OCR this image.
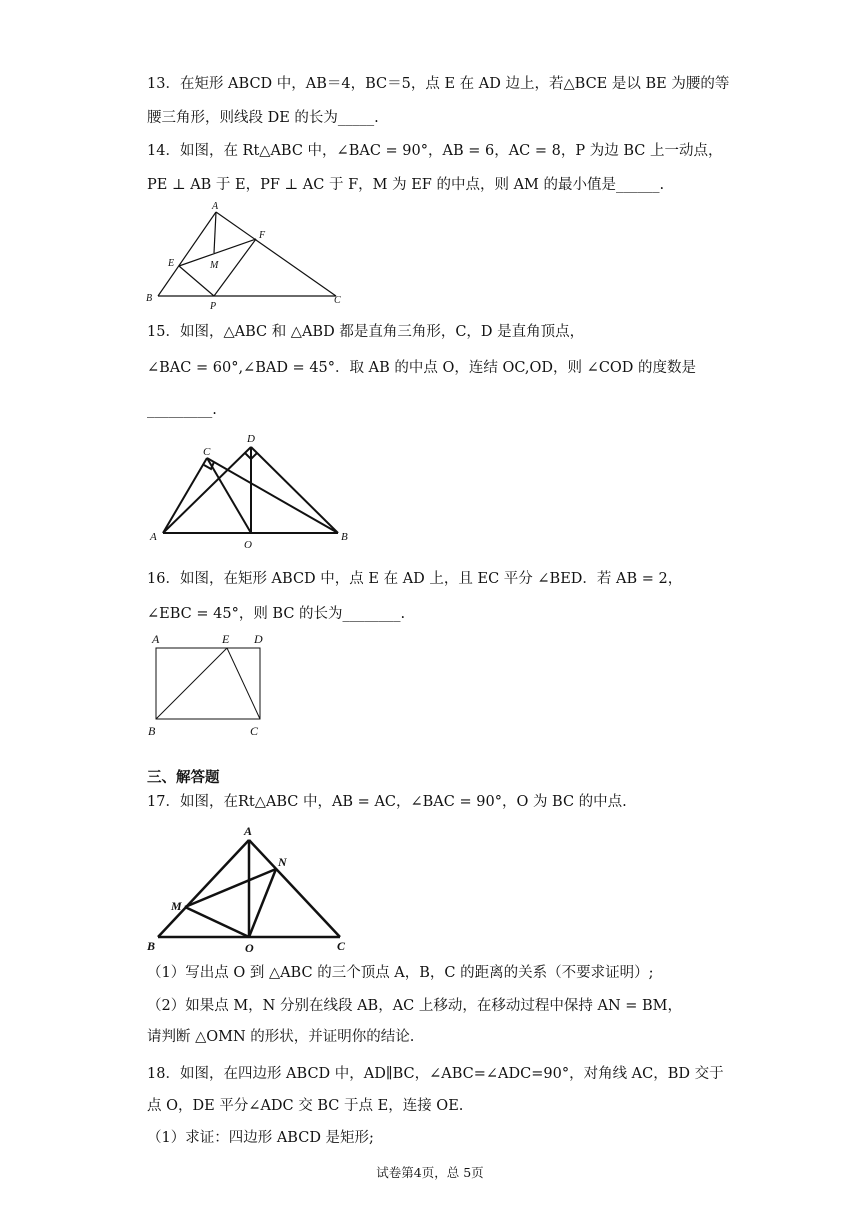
13．在矩形 ABCD 中，AB＝4，BC＝5，点 E 在 AD 边上，若△BCE 是以 BE 为腰的等
腰三角形，则线段 DE 的长为_____.
14．如图，在 Rt△ABC 中，∠BAC = 90°，AB = 6，AC = 8，P 为边 BC 上一动点，
PE ⊥ AB 于 E，PF ⊥ AC 于 F，M 为 EF 的中点，则 AM 的最小值是______.
A
F
E	M
B
P
C
15．如图，△ABC 和 △ABD 都是直角三角形，C，D 是直角顶点，
∠BAC = 60°,∠BAD = 45°．取 AB 的中点 O，连结 OC,OD，则 ∠COD 的度数是
_________.
C
D
A
O
B
16．如图，在矩形 ABCD 中，点 E 在 AD 上，且 EC 平分 ∠BED．若 AB = 2，
∠EBC = 45°，则 BC 的长为________.
A	E D
B	C
三、解答题
17．如图，在Rt△ABC 中，AB = AC，∠BAC = 90°，O 为 BC 的中点.
A
N
M
B	O	C
（1）写出点 O 到 △ABC 的三个顶点 A，B，C 的距离的关系（不要求证明）;
（2）如果点 M，N 分别在线段 AB，AC 上移动，在移动过程中保持 AN = BM，
请判断 △OMN 的形状，并证明你的结论.
18．如图，在四边形 ABCD 中，AD∥BC，∠ABC=∠ADC=90°，对角线 AC，BD 交于
点 O，DE 平分∠ADC 交 BC 于点 E，连接 OE.
（1）求证：四边形 ABCD 是矩形;
试卷第4页，总 5页
